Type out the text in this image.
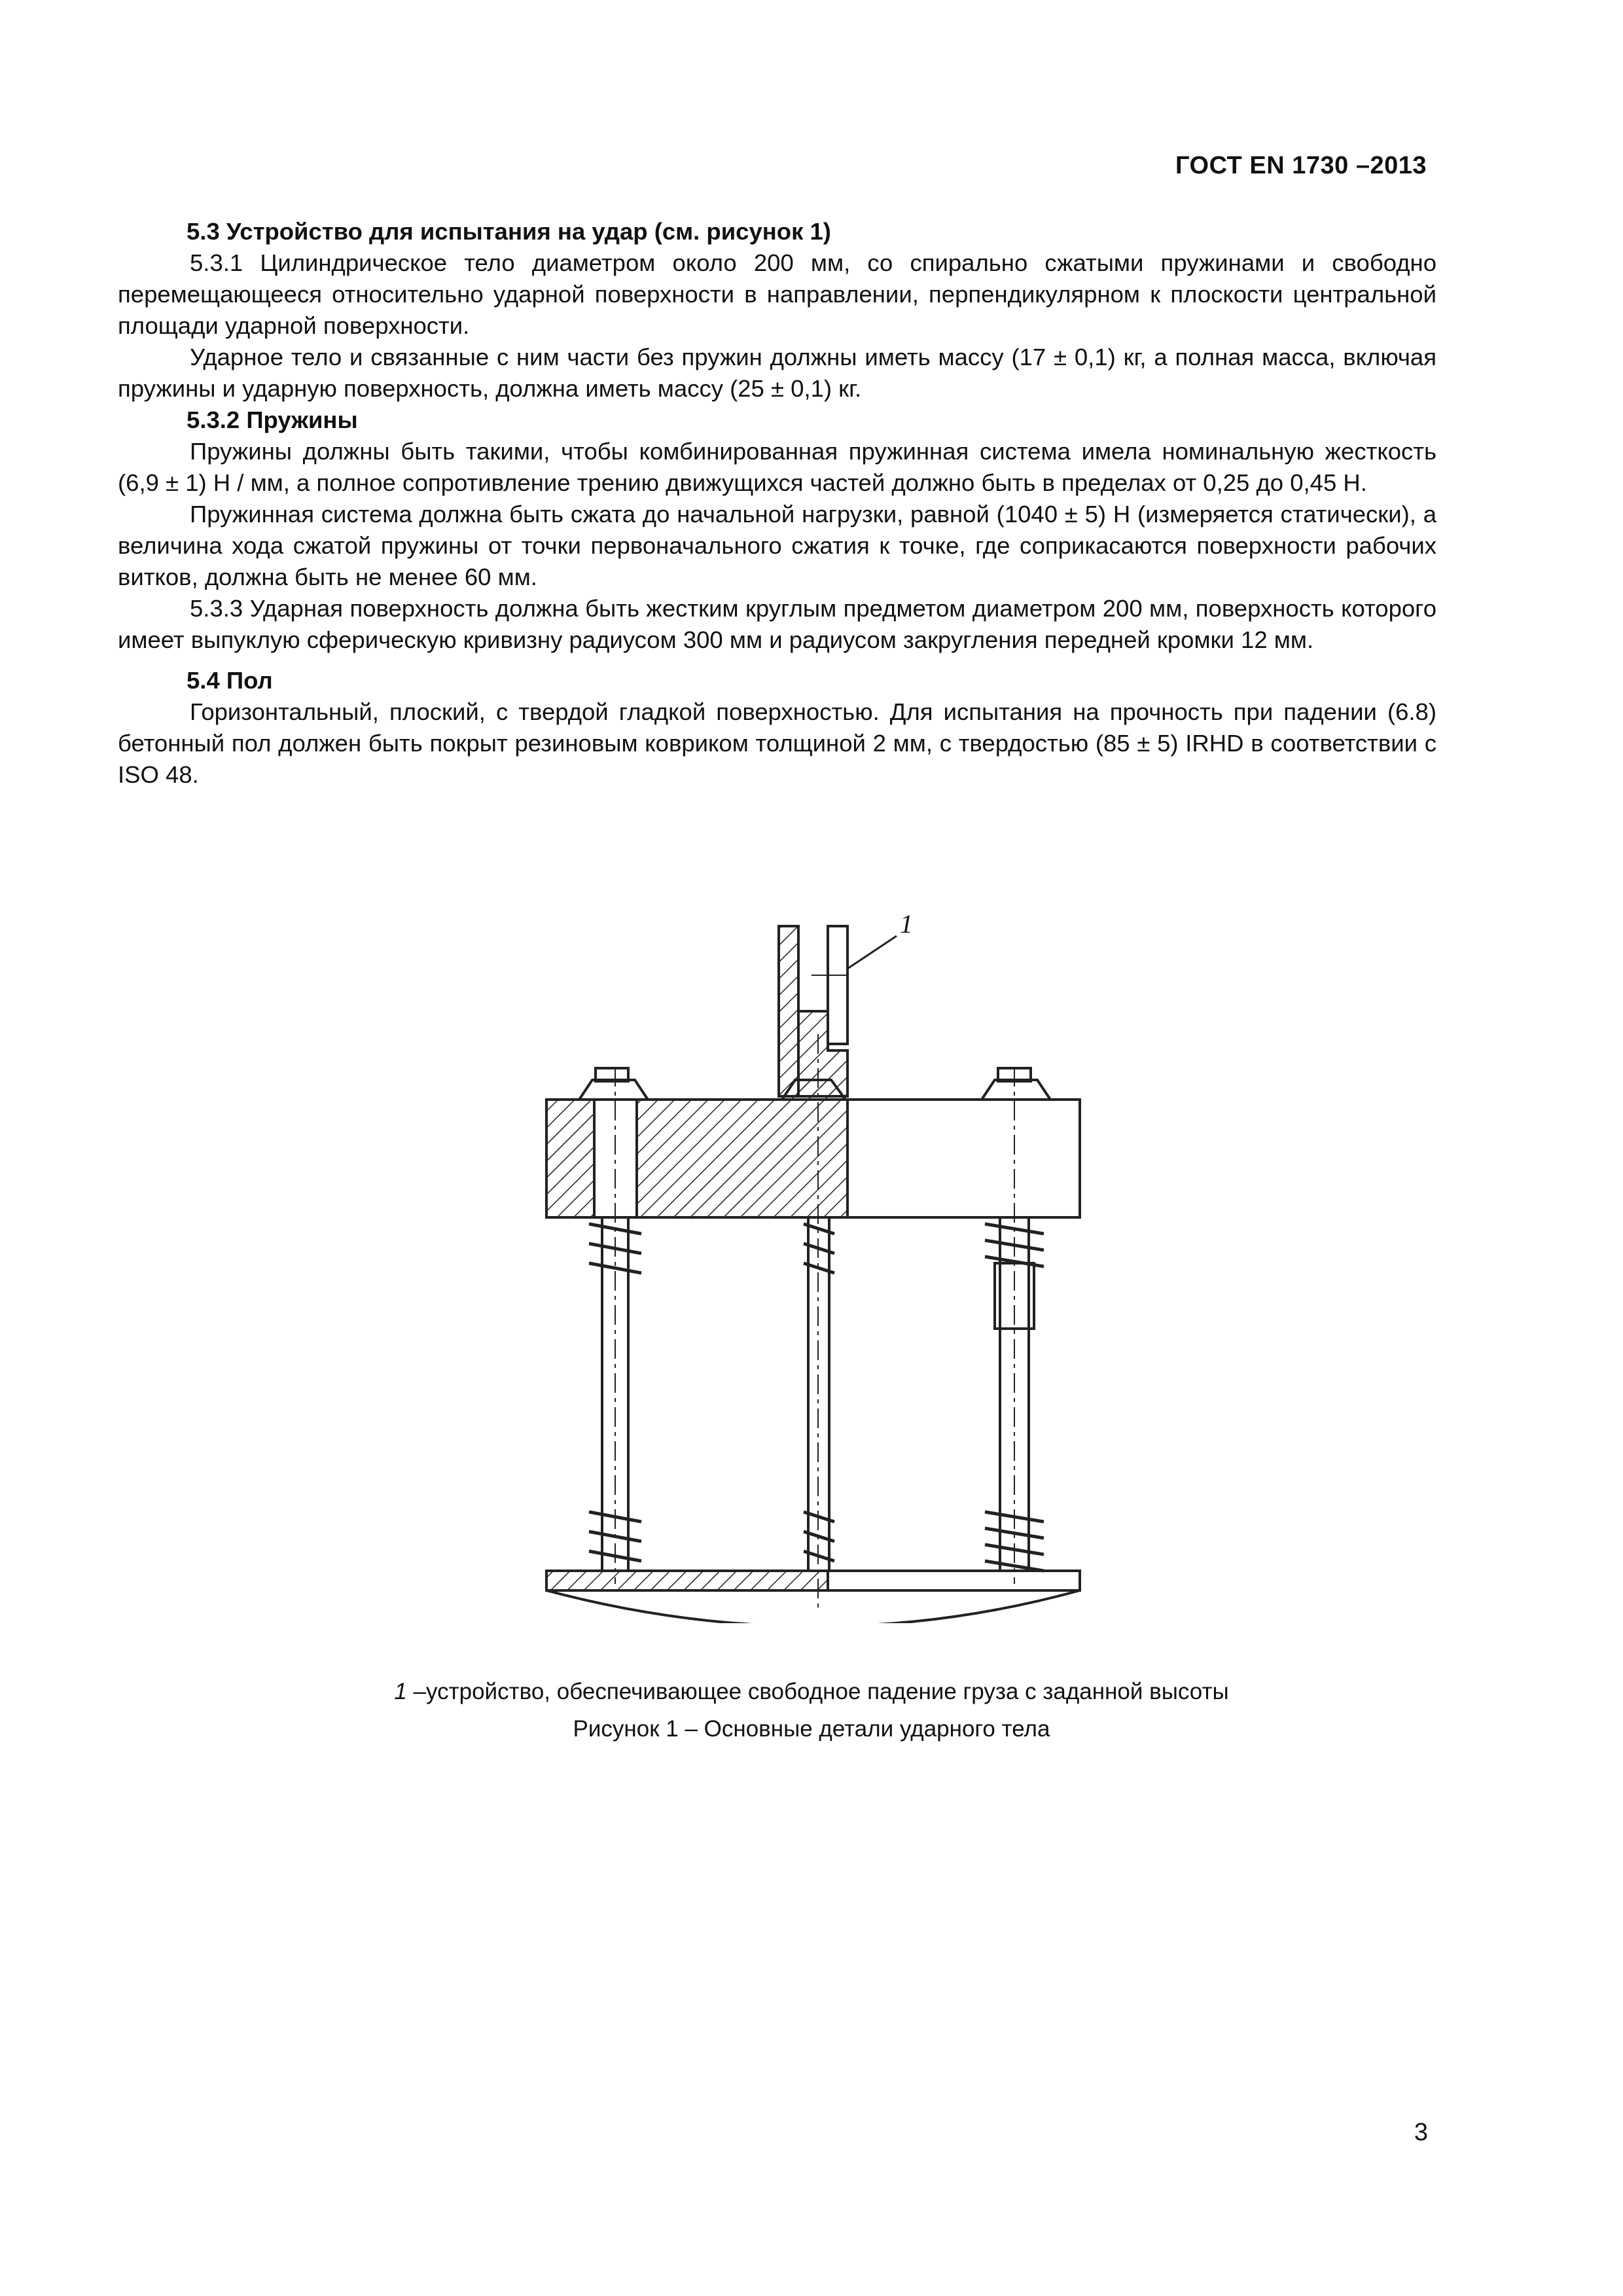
ГОСТ EN 1730 –2013

5.3 Устройство для испытания на удар (см. рисунок 1)

5.3.1 Цилиндрическое тело диаметром около 200 мм, со спирально сжатыми пружинами и свободно перемещающееся относительно ударной поверхности в направлении, перпендикулярном к плоскости центральной площади ударной поверхности.

Ударное тело и связанные с ним части без пружин должны иметь массу (17 ± 0,1) кг, а полная масса, включая пружины и ударную поверхность, должна иметь массу (25 ± 0,1) кг.

5.3.2 Пружины

Пружины должны быть такими, чтобы комбинированная пружинная система имела номинальную жесткость (6,9 ± 1) Н / мм, а полное сопротивление трению движущихся частей должно быть в пределах от 0,25 до 0,45 Н.

Пружинная система должна быть сжата до начальной нагрузки, равной (1040 ± 5) Н (измеряется статически), а величина хода сжатой пружины от точки первоначального сжатия к точке, где соприкасаются поверхности рабочих витков, должна быть не менее 60 мм.

5.3.3 Ударная поверхность должна быть жестким круглым предметом диаметром 200 мм, поверхность которого имеет выпуклую сферическую кривизну радиусом 300 мм и радиусом закругления передней кромки 12 мм.

5.4 Пол

Горизонтальный, плоский, с твердой гладкой поверхностью. Для испытания на прочность при падении (6.8) бетонный пол должен быть покрыт резиновым ковриком толщиной 2 мм, с твердостью (85 ± 5) IRHD в соответствии с ISO 48.

1
1 –устройство, обеспечивающее свободное падение груза с заданной высоты
Рисунок 1 – Основные детали ударного тела
3
